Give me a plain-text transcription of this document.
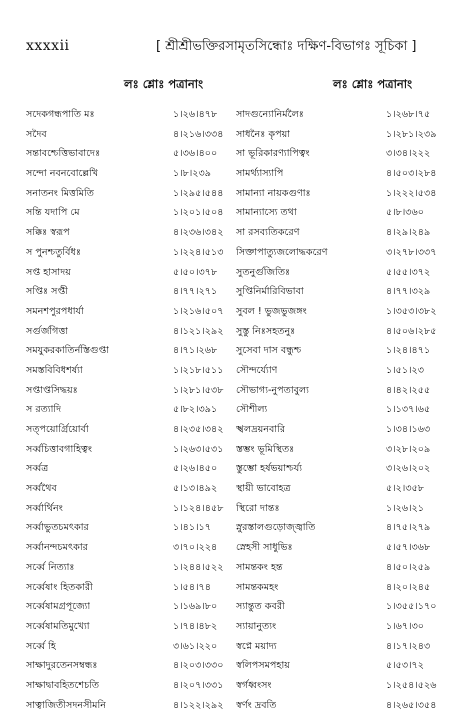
xxxxii	[ শ্রীশ্রীভক্তিরসামৃতসিন্ধোঃ দক্ষিণ-বিভাগঃ সূচিকা ]
লঃ শ্লোঃ পত্রানাং	লঃ শ্লোঃ পত্রানাং
সদেকগন্ধপাতি মঃ	১।২৬।৪৭৮
সদৈব	৪।২১৬।৩৩৪
সন্তাবশ্চেত্তিভাবাদেঃ	৫।৩৬।৪০০
সন্দো নবনবোল্লেখি	১।৮।২৩৯
সনাতনং মিত্তমিতি	১।২৯৫।৫৪৪
সন্তি যদাপি মে	১।২০১।৫০৪
সক্কিঃ স্বরূপ	৪।২৩৬।৩৪২
স পুনশ্চতুর্বিধঃ	১।২২৪।৫১৩
সপ্ত হাসাদয়	৫।৫০।৩৭৮
সপ্তিঃ সপ্তী	৪।৭৭।২৭১
সমনশপুরপধার্যা	১।২১৬।৫০৭
সর্গুর্জগিত্তা	৪।১২১।২৯২
সমযুকরকাতির্নস্তিগুপ্তা	৪।৭১।২৬৮
সমস্তবিবিধশর্ষ্যা	১।২১৮।৫১১
সপ্তাপ্তসিদ্ধয়ঃ	১।২৮১।৫৩৮
স রত্যাদি	৫।৮২।৩৯১
সত্পয়োর্গ্রিয়োর্বা	৪।২৩৫।৩৪২
সর্ব্বচিত্তাবগাহিত্বং	১।২৬৩।৫৩১
সর্ব্বত্র	৫।২৬।৪৫০
সর্ব্বথৈব	৫।১৩।৪৯২
সর্ব্বার্থিনং	১।১২৪।৪৫৮
সর্ব্বাভুতচমৎকার	১।৪১।১৭
সর্ব্বানন্দচমৎকার	৩।৭০।২২৪
সর্ব্বে নিত্যাঃ	১।২৪৪।৫২২
সর্ব্বেষাং হিতকারী	১।৫৪।৭৪
সর্ব্বেষামগ্রপূজ্যো	১।১৬৯।৮০
সর্ব্বেষামতিমুখ্যো	১।৭৪।৪৮২
সর্ব্বে হি	৩।৬১।২২০
সাক্ষাদুরতেনসম্বন্ধঃ	৪।২০৩।৩৩০
সাক্ষাদ্বাবহিতশেচতি	৪।২০৭।৩৩১
সাত্বাজিতীসদনসীমনি	৪।১২২।২৯২
সাদগুন্যোনির্মলৈঃ	১।২৬৮।৭৫
সাধনৈঃ কৃপয়া	১।২৮১।২৩৯
সা ভূরিকারণ্যাপিত্বং	৩।৩৪।২২২
সামর্থ্যাস্যাপি	৪।৫০৩।২৮৪
সামান্যা নায়কগুণাঃ	১।২২২।৫৩৪
সামান্যাস্যে তথা	৫।৮।৩৬০
সা রসব্যতিকরেণ	৪।২৯।২৪৯
সিক্তাপাত্যুজলোদ্ধকরেণ	৩।২৭৮।৩৩৭
সুতনুর্গুজিতিঃ	৫।৫৫।৩৭২
সুপ্তিনির্মারিবিভাবা	৪।৭৭।৩২৯
সুবল ! ভুজভুজঙ্গং	১।৩৫৩।৩৮২
সুস্তু নিঃসহতনুঃ	৪।৫০৬।২৮৫
সুসেবা দাস বন্ধুশ্চ	১।২৪।৪৭১
সৌন্দর্য্যোণ	১।৫১।২৩
সৌভাগ্য-নুপতাবুল্য	৪।৪২।২৫৫
সৌশীল্য	১।১৩৭।৬৫
স্খলদ্রয়নবারি	১।৩৪।১৬৩
স্তম্ভং ভূমিস্থিতঃ	৩।২৮।২০৯
স্তুম্ভো হর্ষভয়াশ্চর্য্য	৩।২৬।২০২
স্থায়ী ভাবোহত্র	৫।২।৩৫৮
স্থিরো দান্তঃ	১।২৬।২১
স্নুরস্তালগুড়োজ্জ্বাতি	৪।৭৫।২৭৯
স্নেহসী সাধুভিঃ	৫।৫৭।৩৬৮
সামন্তকং হন্ত	৪।৫০।২৫৯
সামন্তকমহং	৪।২০।২৪৫
স্যান্তুত কবরী	১।৩৫৫।১৭০
স্যায়ানুত্যং	১।৬৭।৩০
স্বপ্নে ময়াদ্য	৪।১৭।২৪৩
স্বলিপসমপহায়	৫।৫৩।৭২
স্বর্গধ্বংসং	১।২৫৪।৫২৬
স্বর্ণং দ্রবতি	৪।২৬৫।৩৫৪
